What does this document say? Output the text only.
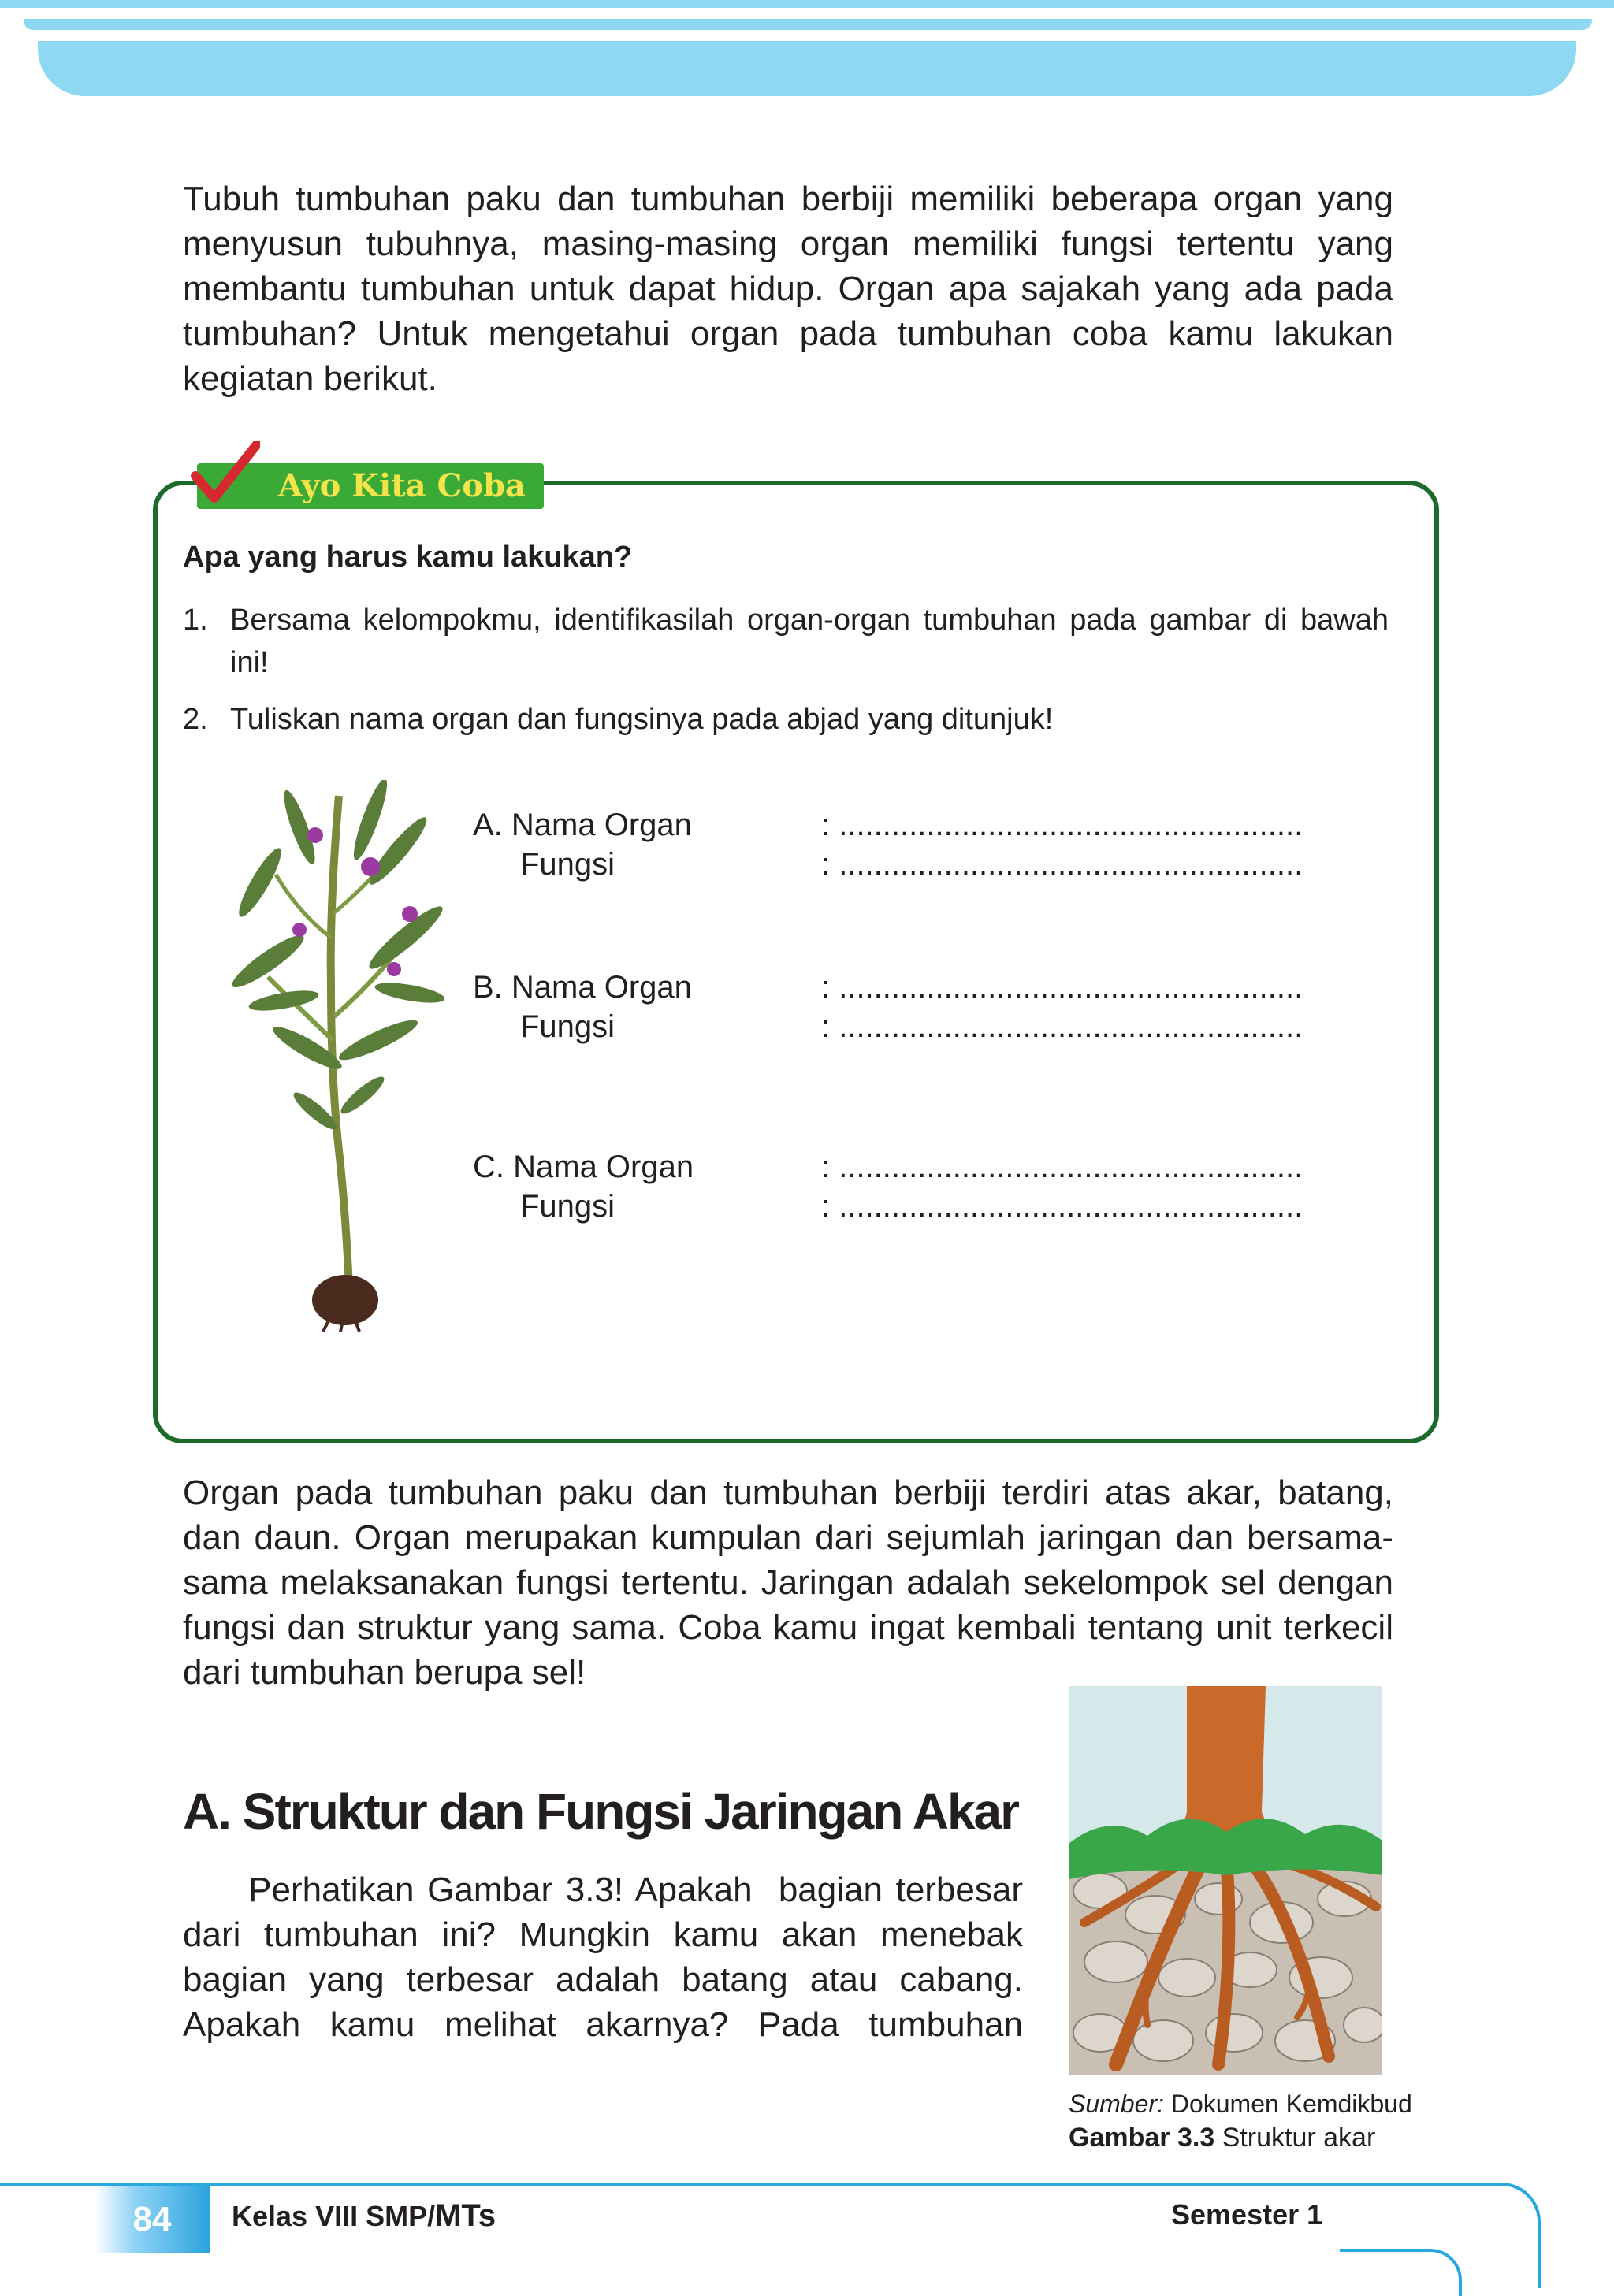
Tubuh tumbuhan paku dan tumbuhan berbiji memiliki beberapa organ yang

menyusun tubuhnya, masing-masing organ memiliki fungsi tertentu yang

membantu tumbuhan untuk dapat hidup. Organ apa sajakah yang ada pada

tumbuhan? Untuk mengetahui organ pada tumbuhan coba kamu lakukan

kegiatan berikut.

Ayo Kita Coba
Apa yang harus kamu lakukan?
1. Bersama kelompokmu, identifikasilah organ-organ tumbuhan pada gambar di bawah ini!
2. Tuliskan nama organ dan fungsinya pada abjad yang ditunjuk!
A. Nama Organ
Fungsi
: .....................................................
: .....................................................
B. Nama Organ
Fungsi
: .....................................................
: .....................................................
C. Nama Organ
Fungsi
: .....................................................
: .....................................................

Organ pada tumbuhan paku dan tumbuhan berbiji terdiri atas akar, batang,

dan daun. Organ merupakan kumpulan dari sejumlah jaringan dan bersama-

sama melaksanakan fungsi tertentu. Jaringan adalah sekelompok sel dengan

fungsi dan struktur yang sama. Coba kamu ingat kembali tentang unit terkecil

dari tumbuhan berupa sel!

A. Struktur dan Fungsi Jaringan Akar

Perhatikan Gambar 3.3! Apakah  bagian terbesar

dari tumbuhan ini? Mungkin kamu akan menebak

bagian yang terbesar adalah batang atau cabang.

Apakah kamu melihat akarnya? Pada tumbuhan

Sumber: Dokumen Kemdikbud
Gambar 3.3 Struktur akar
84	Kelas VIII SMP/MTs	Semester 1
